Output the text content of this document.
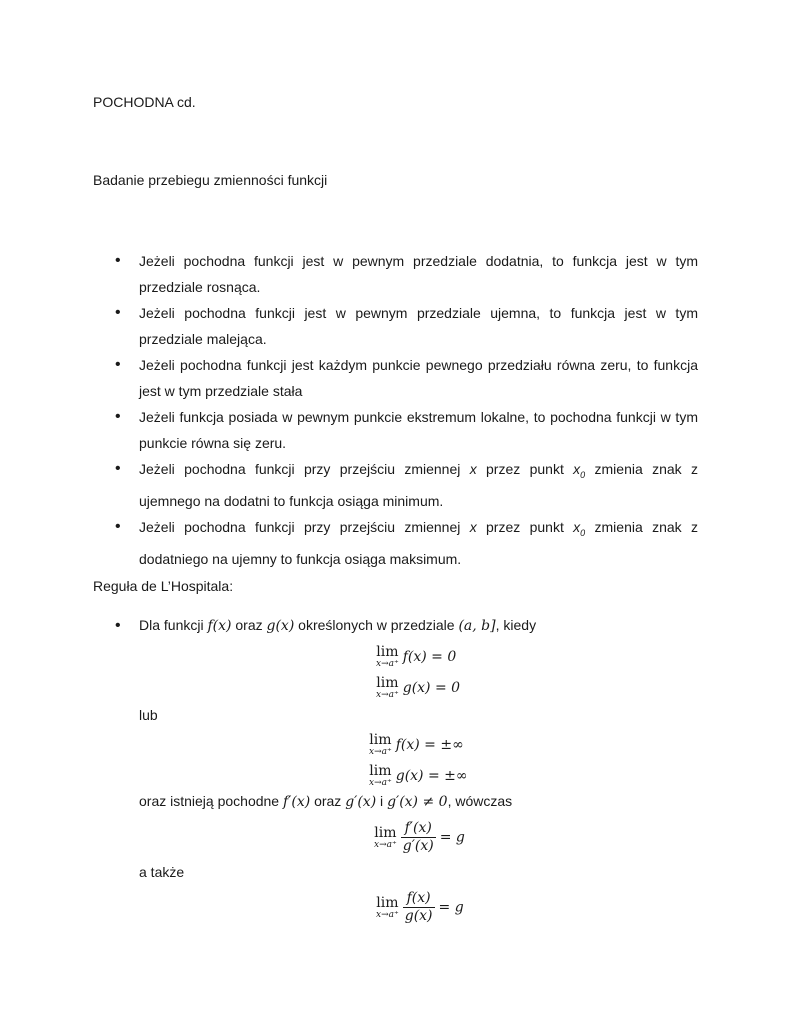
POCHODNA cd.
Badanie przebiegu zmienności funkcji
• Jeżeli pochodna funkcji jest w pewnym przedziale dodatnia, to funkcja jest w tym przedziale rosnąca.
• Jeżeli pochodna funkcji jest w pewnym przedziale ujemna, to funkcja jest w tym przedziale malejąca.
• Jeżeli pochodna funkcji jest każdym punkcie pewnego przedziału równa zeru, to funkcja jest w tym przedziale stała
• Jeżeli funkcja posiada w pewnym punkcie ekstremum lokalne, to pochodna funkcji w tym punkcie równa się zeru.
• Jeżeli pochodna funkcji przy przejściu zmiennej x przez punkt $x_0$ zmienia znak z ujemnego na dodatni to funkcja osiąga minimum.
• Jeżeli pochodna funkcji przy przejściu zmiennej x przez punkt $x_0$ zmienia znak z dodatniego na ujemny to funkcja osiąga maksimum.
Reguła de L’Hospitala:
• Dla funkcji f(x) oraz g(x) określonych w przedziale (a, b], kiedy
lim
x→a⁺ f(x) = 0
lim
x→a⁺ g(x) = 0
lub
lim
x→a⁺ f(x) = ±∞
lim
x→a⁺ g(x) = ±∞
oraz istnieją pochodne f′(x) oraz g′(x) i g′(x) ≠ 0, wówczas
lim
$x\to a^+ \frac{f'(x)}{g'(x)} = g$
a także
lim
$x\to a^+ \frac{f(x)}{g(x)} = g$
